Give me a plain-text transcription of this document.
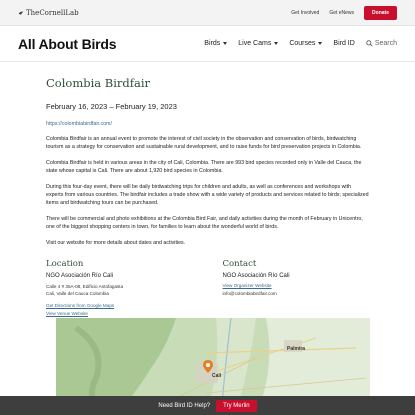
TheCornellLab	Get Involved Get eNews	Donate
All About Birds	Birds	Live Cams	Courses	Bird ID	Search
Colombia Birdfair
February 16, 2023 – February 19, 2023
https://colombiabirdfair.com/

Colombia Birdfair is an annual event to promote the interest of civil society in the observation and conservation of birds, birdwatching tourism as a strategy for conservation and sustainable rural development, and to raise funds for bird preservation projects in Colombia.

Colombia Birdfair is held in various areas in the city of Cali, Colombia. There are 993 bird species recorded only in Valle del Cauca, the state whose capital is Cali. There are about 1,920 bird species in Colombia.

During this four-day event, there will be daily birdwatching trips for children and adults, as well as conferences and workshops with experts from various countries. The birdfair includes a trade show with a wide variety of products and services related to birds; specialized items and birdwatching tours can be purchased.

There will be commercial and photo exhibitions at the Colombia Bird Fair, and daily activities during the month of February in Unicentro, one of the biggest shopping centers in town, for families to learn about the wonderful world of birds.

Visit our website for more details about dates and activities.

Location
NGO Asociación Río Cali
Calle 4 # 35A-08, Edificio Antofagasta
Cali, Valle del Cauca Colombia
Get Directions from Google Maps
View Venue Website
Contact
NGO Asociación Río Cali
View Organizer Website
info@colombiabirdfair.com
Palmira
Cali
Need Bird ID Help?	Try Merlin
